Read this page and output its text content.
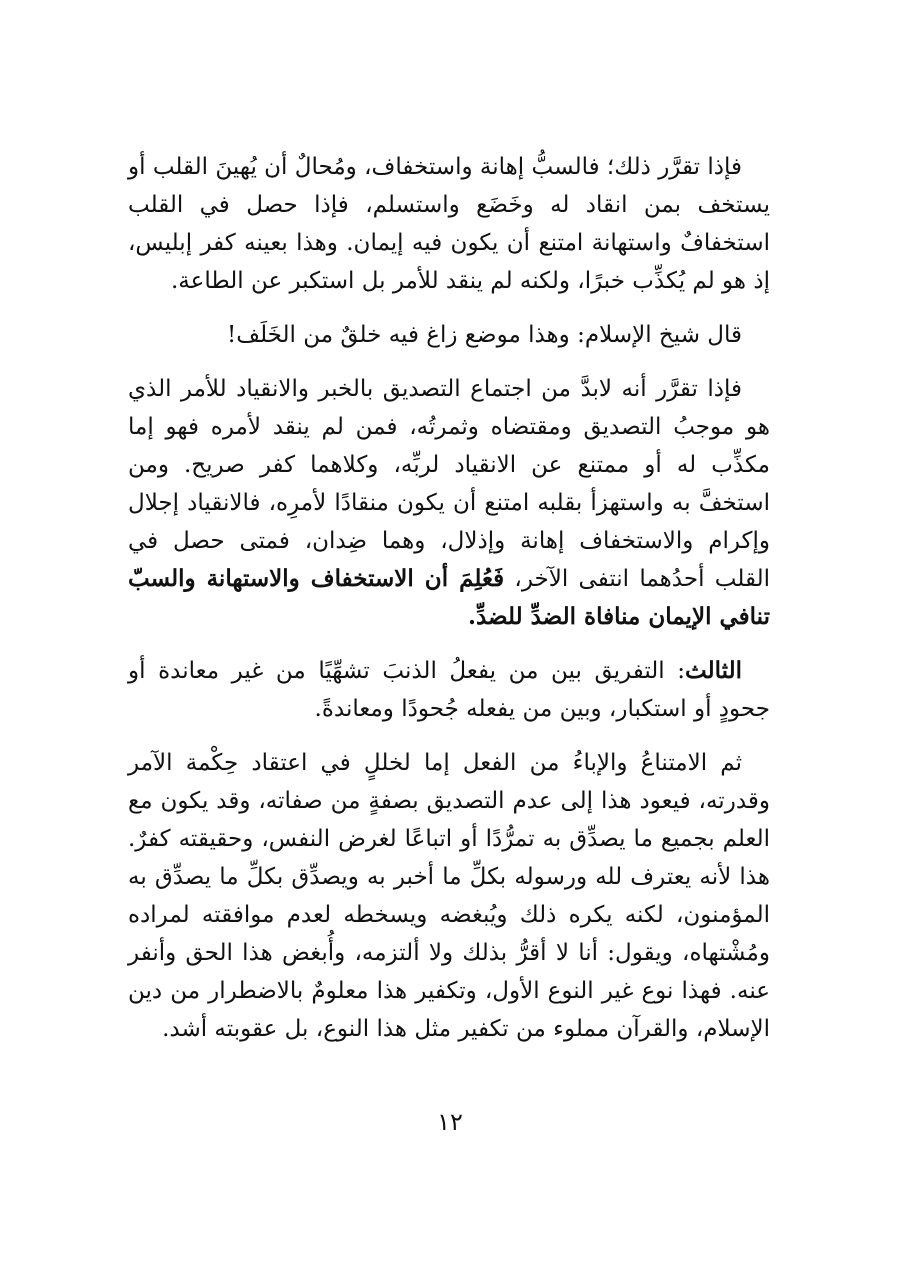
فإذا تقرَّر ذلك؛ فالسبُّ إهانة واستخفاف، ومُحالٌ أن يُهينَ القلب أو يستخف بمن انقاد له وخَضَع واستسلم، فإذا حصل في القلب استخفافٌ واستهانة امتنع أن يكون فيه إيمان. وهذا بعينه كفر إبليس، إذ هو لم يُكذِّب خبرًا، ولكنه لم ينقد للأمر بل استكبر عن الطاعة.

قال شيخ الإسلام: وهذا موضع زاغ فيه خلقٌ من الخَلَف!

فإذا تقرَّر أنه لابدَّ من اجتماع التصديق بالخبر والانقياد للأمر الذي هو موجبُ التصديق ومقتضاه وثمرتُه، فمن لم ينقد لأمره فهو إما مكذِّب له أو ممتنع عن الانقياد لربِّه، وكلاهما كفر صريح. ومن استخفَّ به واستهزأ بقلبه امتنع أن يكون منقادًا لأمرِه، فالانقياد إجلال وإكرام والاستخفاف إهانة وإذلال، وهما ضِدان، فمتى حصل في القلب أحدُهما انتفى الآخر، فَعُلِمَ أن الاستخفاف والاستهانة والسبّ تنافي الإيمان منافاة الضدِّ للضدِّ.

الثالث: التفريق بين من يفعلُ الذنبَ تشهِّيًا من غير معاندة أو جحودٍ أو استكبار، وبين من يفعله جُحودًا ومعاندةً.

ثم الامتناعُ والإباءُ من الفعل إما لخللٍ في اعتقاد حِكْمة الآمر وقدرته، فيعود هذا إلى عدم التصديق بصفةٍ من صفاته، وقد يكون مع العلم بجميع ما يصدِّق به تمرُّدًا أو اتباعًا لغرض النفس، وحقيقته كفرٌ. هذا لأنه يعترف لله ورسوله بكلِّ ما أخبر به ويصدِّق بكلِّ ما يصدِّق به المؤمنون، لكنه يكره ذلك ويُبغضه ويسخطه لعدم موافقته لمراده ومُشْتهاه، ويقول: أنا لا أقرُّ بذلك ولا ألتزمه، وأُبغض هذا الحق وأنفر عنه. فهذا نوع غير النوع الأول، وتكفير هذا معلومٌ بالاضطرار من دين الإسلام، والقرآن مملوء من تكفير مثل هذا النوع، بل عقوبته أشد.

١٢
